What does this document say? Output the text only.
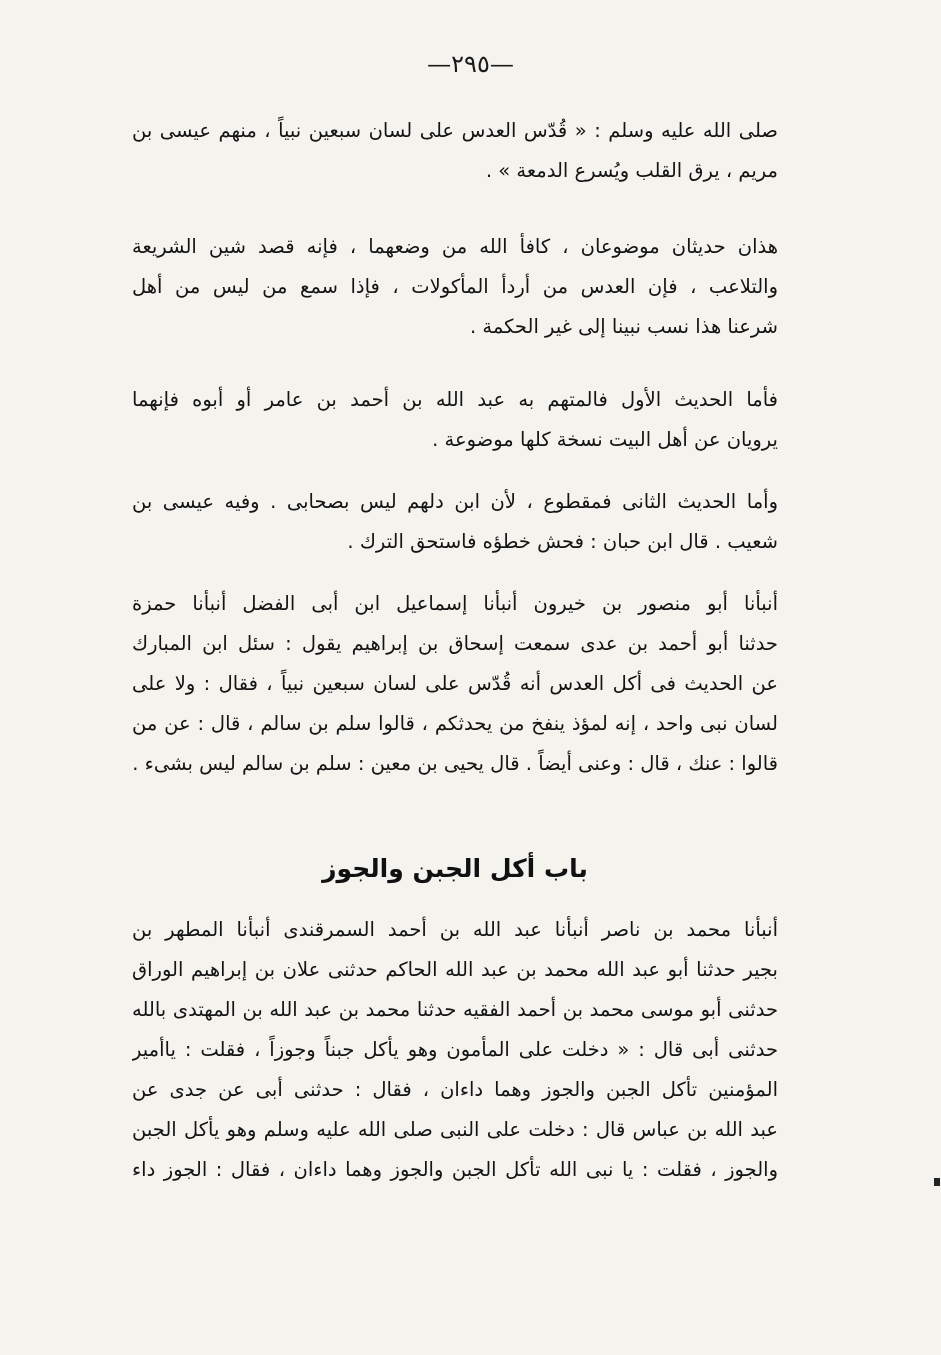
—٢٩٥—
صلى الله عليه وسلم : « قُدّس العدس على لسان سبعين نبياً ، منهم عيسى بن
مريم ، يرق القلب ويُسرع الدمعة » .
هذان حديثان موضوعان ، كافأ الله من وضعهما ، فإنه قصد شين الشريعة
والتلاعب ، فإن العدس من أردأ المأكولات ، فإذا سمع من ليس من أهل
شرعنا هذا نسب نبينا إلى غير الحكمة .
فأما الحديث الأول فالمتهم به عبد الله بن أحمد بن عامر أو أبوه فإنهما
يرويان عن أهل البيت نسخة كلها موضوعة .
وأما الحديث الثانى فمقطوع ، لأن ابن دلهم ليس بصحابى . وفيه عيسى بن
شعيب . قال ابن حبان : فحش خطؤه فاستحق الترك .
أنبأنا أبو منصور بن خيرون أنبأنا إسماعيل ابن أبى الفضل أنبأنا حمزة
حدثنا أبو أحمد بن عدى سمعت إسحاق بن إبراهيم يقول : سئل ابن المبارك
عن الحديث فى أكل العدس أنه قُدّس على لسان سبعين نبياً ، فقال : ولا على
لسان نبى واحد ، إنه لمؤذ ينفخ من يحدثكم ، قالوا سلم بن سالم ، قال : عن من
قالوا : عنك ، قال : وعنى أيضاً . قال يحيى بن معين : سلم بن سالم ليس بشىء .
باب أكل الجبن والجوز
أنبأنا محمد بن ناصر أنبأنا عبد الله بن أحمد السمرقندى أنبأنا المطهر بن
بجير حدثنا أبو عبد الله محمد بن عبد الله الحاكم حدثنى علان بن إبراهيم الوراق
حدثنى أبو موسى محمد بن أحمد الفقيه حدثنا محمد بن عبد الله بن المهتدى بالله
حدثنى أبى قال : « دخلت على المأمون وهو يأكل جبناً وجوزاً ، فقلت : ياأمير
المؤمنين تأكل الجبن والجوز وهما داءان ، فقال : حدثنى أبى عن جدى عن
عبد الله بن عباس قال : دخلت على النبى صلى الله عليه وسلم وهو يأكل الجبن
والجوز ، فقلت : يا نبى الله تأكل الجبن والجوز وهما داءان ، فقال : الجوز داء
